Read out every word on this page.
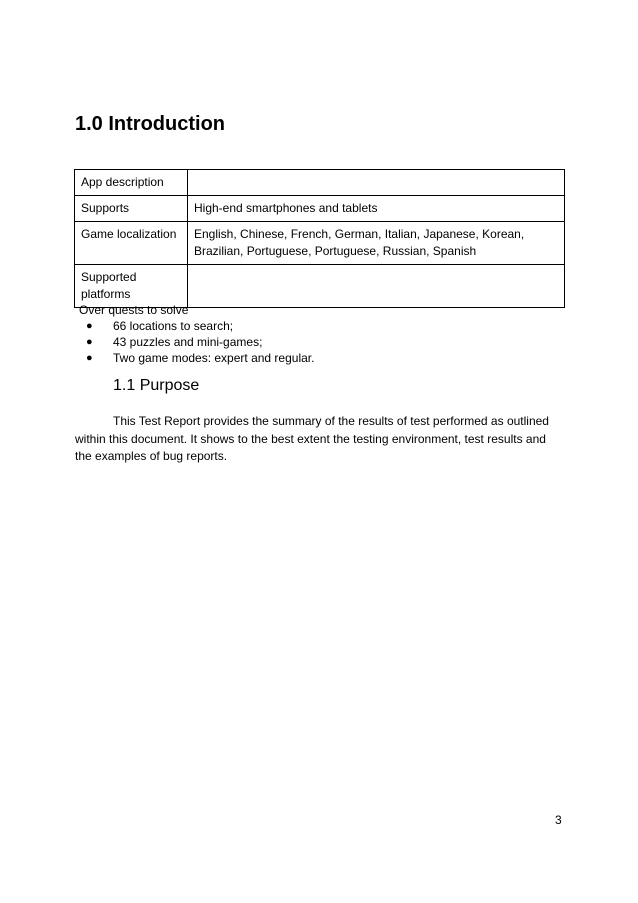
1.0 Introduction
App description	
Supports	High-end smartphones and tablets
Game localization	English, Chinese, French, German, Italian, Japanese, Korean, Brazilian, Portuguese, Portuguese, Russian, Spanish
Supported platforms	

Over quests to solve

● 66 locations to search;
● 43 puzzles and mini-games;
● Two game modes: expert and regular.
1.1 Purpose

This Test Report provides the summary of the results of test performed as outlined within this document. It shows to the best extent the testing environment, test results and the examples of bug reports.

3
